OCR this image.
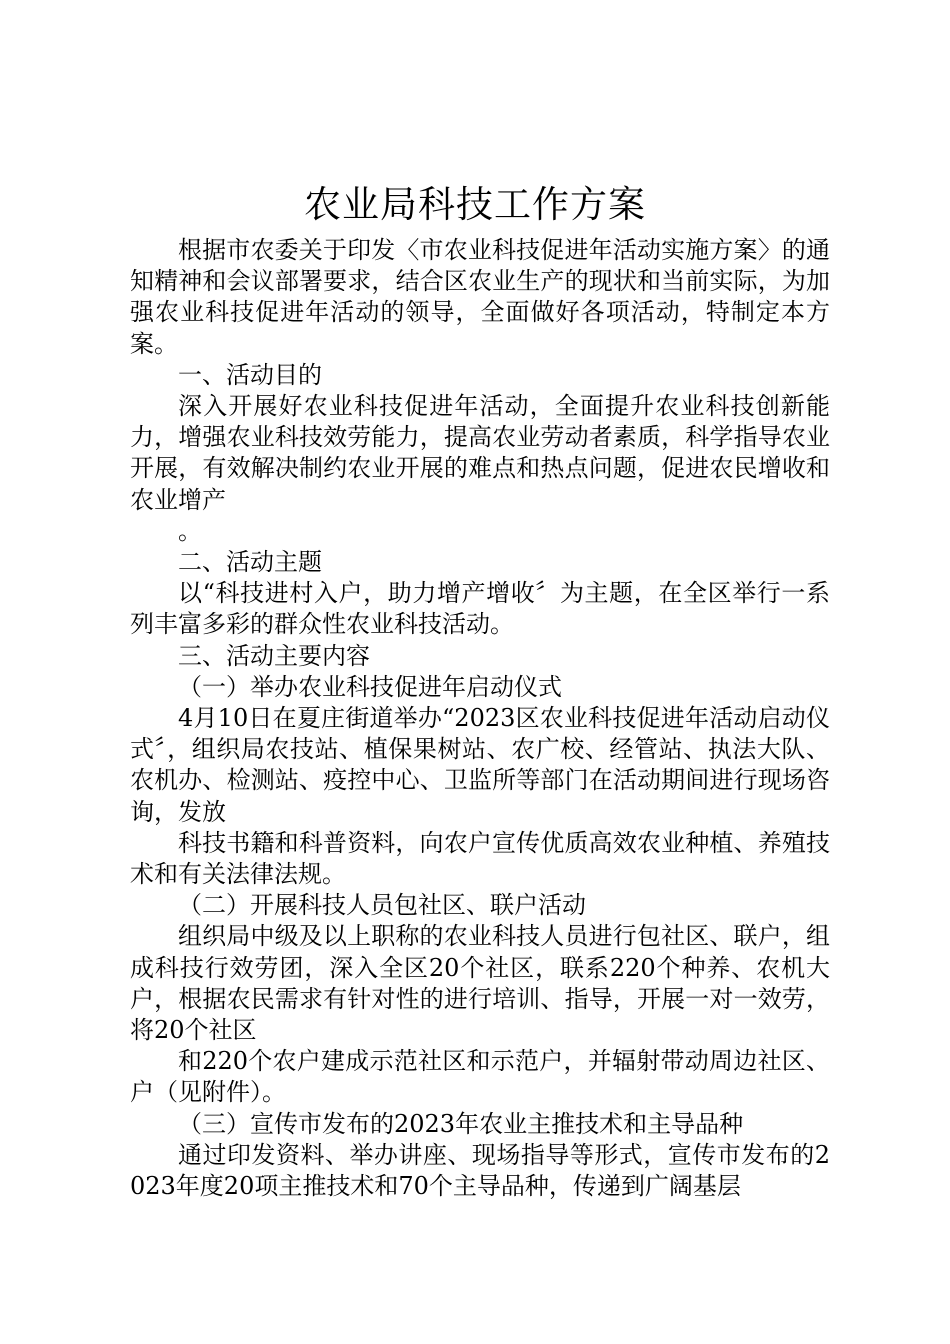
农业局科技工作方案

根据市农委关于印发〈市农业科技促进年活动实施方案〉的通知精神和会议部署要求，结合区农业生产的现状和当前实际，为加强农业科技促进年活动的领导，全面做好各项活动，特制定本方案。

一、活动目的

深入开展好农业科技促进年活动，全面提升农业科技创新能力，增强农业科技效劳能力，提高农业劳动者素质，科学指导农业开展，有效解决制约农业开展的难点和热点问题，促进农民增收和农业增产

。

二、活动主题

以“科技进村入户，助力增产增收〞为主题，在全区举行一系列丰富多彩的群众性农业科技活动。

三、活动主要内容

（一）举办农业科技促进年启动仪式

4月10日在夏庄街道举办“2023区农业科技促进年活动启动仪式〞，组织局农技站、植保果树站、农广校、经管站、执法大队、农机办、检测站、疫控中心、卫监所等部门在活动期间进行现场咨询，发放

科技书籍和科普资料，向农户宣传优质高效农业种植、养殖技术和有关法律法规。

（二）开展科技人员包社区、联户活动

组织局中级及以上职称的农业科技人员进行包社区、联户，组成科技行效劳团，深入全区20个社区，联系220个种养、农机大户，根据农民需求有针对性的进行培训、指导，开展一对一效劳，将20个社区

和220个农户建成示范社区和示范户，并辐射带动周边社区、户（见附件）。

（三）宣传市发布的2023年农业主推技术和主导品种

通过印发资料、举办讲座、现场指导等形式，宣传市发布的2023年度20项主推技术和70个主导品种，传递到广阔基层
